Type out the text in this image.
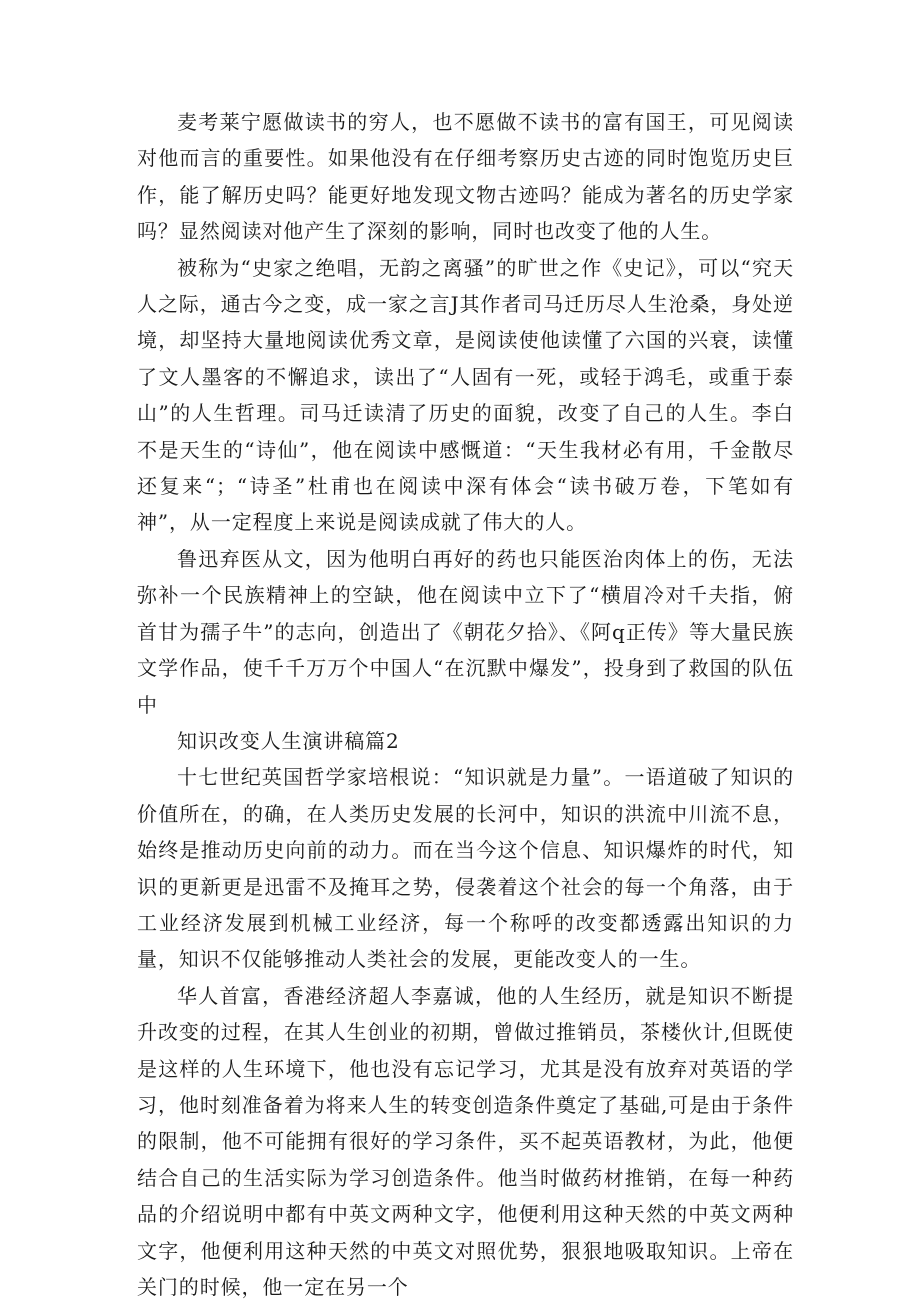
麦考莱宁愿做读书的穷人，也不愿做不读书的富有国王，可见阅读对他而言的重要性。如果他没有在仔细考察历史古迹的同时饱览历史巨作，能了解历史吗？能更好地发现文物古迹吗？能成为著名的历史学家吗？显然阅读对他产生了深刻的影响，同时也改变了他的人生。

被称为“史家之绝唱，无韵之离骚”的旷世之作《史记》，可以“究天人之际，通古今之变，成一家之言J其作者司马迁历尽人生沧桑，身处逆境，却坚持大量地阅读优秀文章，是阅读使他读懂了六国的兴衰，读懂了文人墨客的不懈追求，读出了“人固有一死，或轻于鸿毛，或重于泰山”的人生哲理。司马迁读清了历史的面貌，改变了自己的人生。李白不是天生的“诗仙”，他在阅读中感慨道：“天生我材必有用，千金散尽还复来“；“诗圣”杜甫也在阅读中深有体会“读书破万卷，下笔如有神”，从一定程度上来说是阅读成就了伟大的人。

鲁迅弃医从文，因为他明白再好的药也只能医治肉体上的伤，无法弥补一个民族精神上的空缺，他在阅读中立下了“横眉冷对千夫指，俯首甘为孺子牛”的志向，创造出了《朝花夕拾》、《阿q正传》等大量民族文学作品，使千千万万个中国人“在沉默中爆发”，投身到了救国的队伍中

知识改变人生演讲稿篇2

十七世纪英国哲学家培根说：“知识就是力量”。一语道破了知识的价值所在，的确，在人类历史发展的长河中，知识的洪流中川流不息，始终是推动历史向前的动力。而在当今这个信息、知识爆炸的时代，知识的更新更是迅雷不及掩耳之势，侵袭着这个社会的每一个角落，由于工业经济发展到机械工业经济，每一个称呼的改变都透露出知识的力量，知识不仅能够推动人类社会的发展，更能改变人的一生。

华人首富，香港经济超人李嘉诚，他的人生经历，就是知识不断提升改变的过程，在其人生创业的初期，曾做过推销员，茶楼伙计,但既使是这样的人生环境下，他也没有忘记学习，尤其是没有放弃对英语的学习，他时刻准备着为将来人生的转变创造条件奠定了基础,可是由于条件的限制，他不可能拥有很好的学习条件，买不起英语教材，为此，他便结合自己的生活实际为学习创造条件。他当时做药材推销，在每一种药品的介绍说明中都有中英文两种文字，他便利用这种天然的中英文两种文字，他便利用这种天然的中英文对照优势，狠狠地吸取知识。上帝在关门的时候，他一定在另一个
